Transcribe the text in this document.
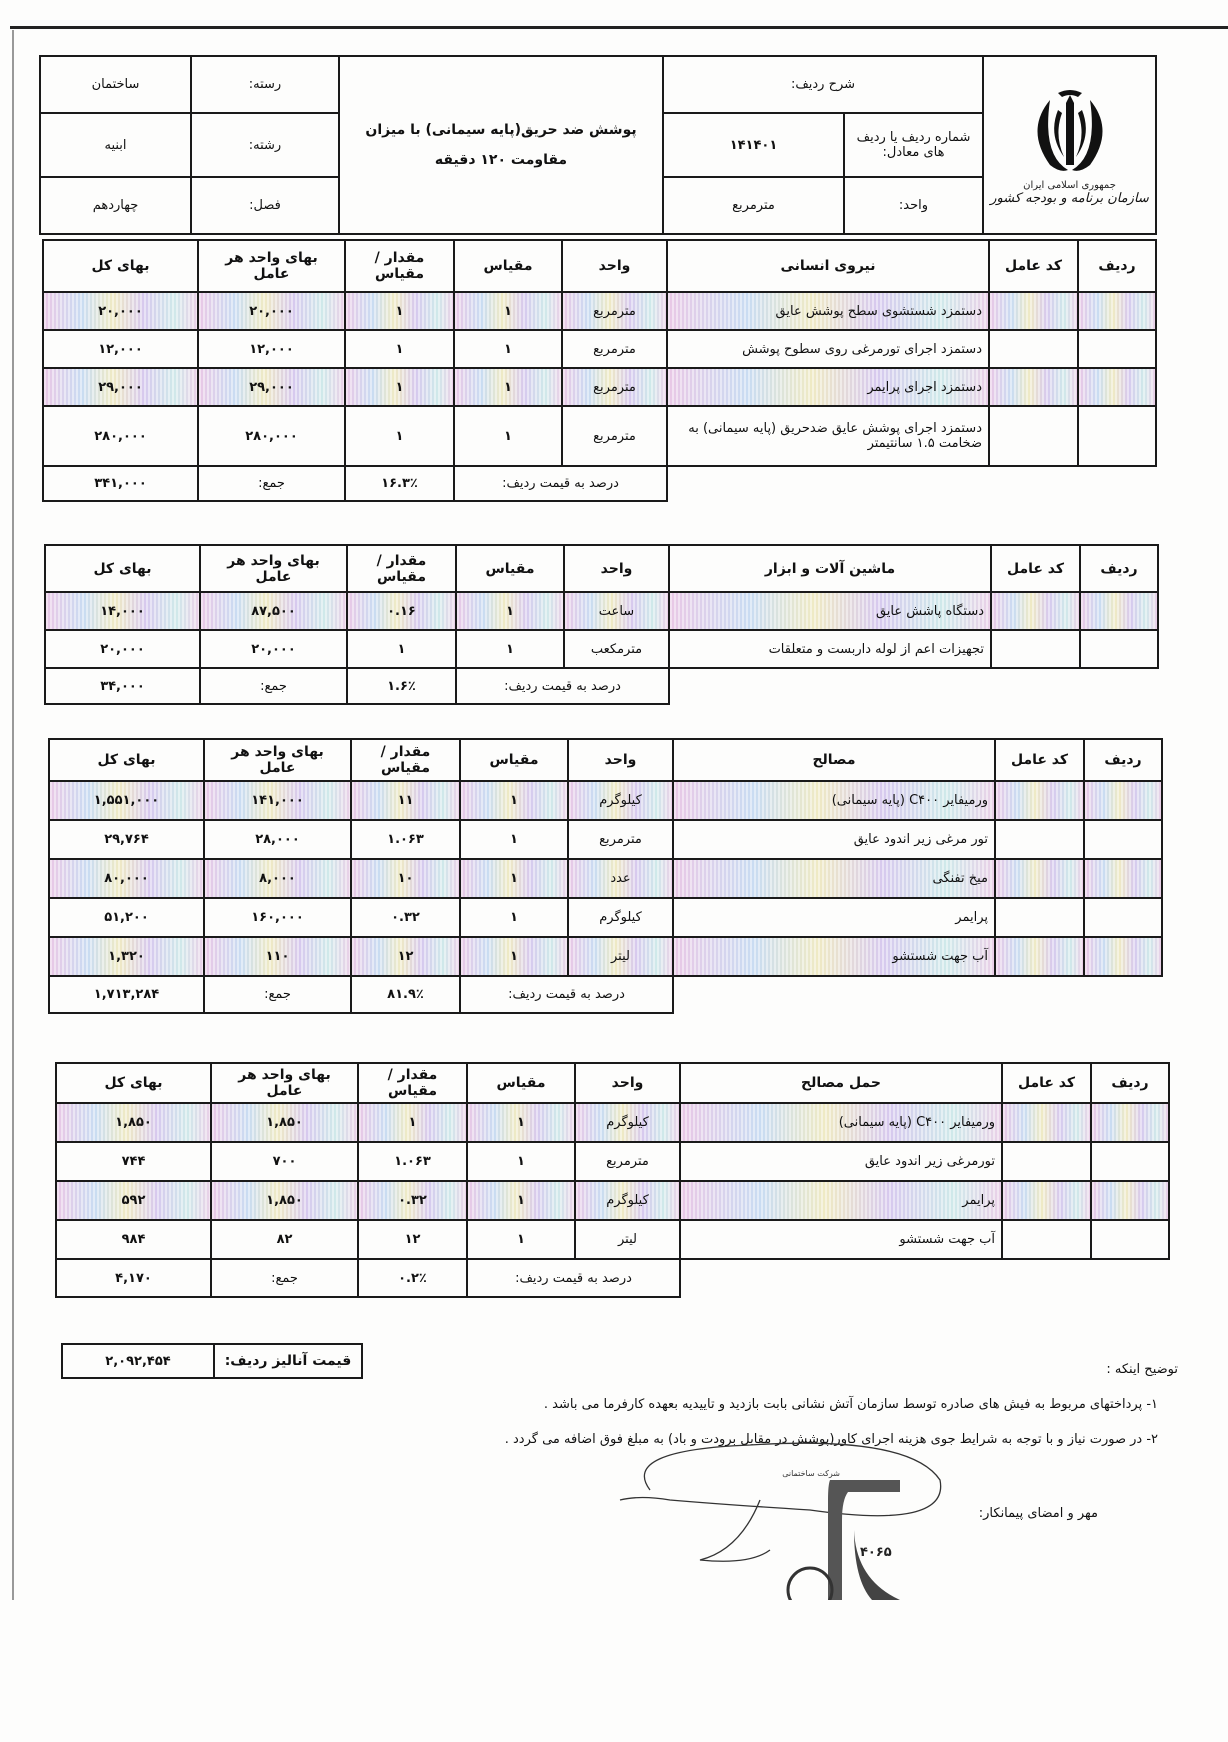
ساختمان	رسته:	پوشش ضد حریق(پایه سیمانی) با میزان مقاومت ۱۲۰ دقیقه	شرح ردیف:		جمهوری اسلامی ایران
سازمان برنامه و بودجه کشور

ابنیه	رشته:		۱۴۱۴۰۱	شماره ردیف یا ردیف های معادل:	
چهاردهم	فصل:		مترمربع	واحد:	
بهای کل	بهای واحد هر عامل	مقدار / مقیاس	مقیاس	واحد	نیروی انسانی	کد عامل	ردیف
۲۰,۰۰۰	۲۰,۰۰۰	۱	۱	مترمربع	دستمزد شستشوی سطح پوشش عایق		
۱۲,۰۰۰	۱۲,۰۰۰	۱	۱	مترمربع	دستمزد اجرای تورمرغی روی سطوح پوشش		
۲۹,۰۰۰	۲۹,۰۰۰	۱	۱	مترمربع	دستمزد اجرای پرایمر		
۲۸۰,۰۰۰	۲۸۰,۰۰۰	۱	۱	مترمربع	دستمزد اجرای پوشش عایق ضدحریق (پایه سیمانی) به ضخامت ۱.۵ سانتیمتر		
۳۴۱,۰۰۰	جمع:	۱۶.۳٪	درصد به قیمت ردیف:				
بهای کل	بهای واحد هر عامل	مقدار / مقیاس	مقیاس	واحد	ماشین آلات و ابزار	کد عامل	ردیف
۱۴,۰۰۰	۸۷,۵۰۰	۰.۱۶	۱	ساعت	دستگاه پاشش عایق		
۲۰,۰۰۰	۲۰,۰۰۰	۱	۱	مترمکعب	تجهیزات اعم از لوله داربست و متعلقات		
۳۴,۰۰۰	جمع:	۱.۶٪	درصد به قیمت ردیف:				
بهای کل	بهای واحد هر عامل	مقدار / مقیاس	مقیاس	واحد	مصالح	کد عامل	ردیف
۱,۵۵۱,۰۰۰	۱۴۱,۰۰۰	۱۱	۱	کیلوگرم	ورمیفایر C۴۰۰ (پایه سیمانی)		
۲۹,۷۶۴	۲۸,۰۰۰	۱.۰۶۳	۱	مترمربع	تور مرغی زیر اندود عایق		
۸۰,۰۰۰	۸,۰۰۰	۱۰	۱	عدد	میخ تفنگی		
۵۱,۲۰۰	۱۶۰,۰۰۰	۰.۳۲	۱	کیلوگرم	پرایمر		
۱,۳۲۰	۱۱۰	۱۲	۱	لیتر	آب جهت شستشو		
۱,۷۱۳,۲۸۴	جمع:	۸۱.۹٪	درصد به قیمت ردیف:				
بهای کل	بهای واحد هر عامل	مقدار / مقیاس	مقیاس	واحد	حمل مصالح	کد عامل	ردیف
۱,۸۵۰	۱,۸۵۰	۱	۱	کیلوگرم	ورمیفایر C۴۰۰ (پایه سیمانی)		
۷۴۴	۷۰۰	۱.۰۶۳	۱	مترمربع	تورمرغی زیر اندود عایق		
۵۹۲	۱,۸۵۰	۰.۳۲	۱	کیلوگرم	پرایمر		
۹۸۴	۸۲	۱۲	۱	لیتر	آب جهت شستشو		
۴,۱۷۰	جمع:	۰.۲٪	درصد به قیمت ردیف:				
۲,۰۹۲,۴۵۴	قیمت آنالیز ردیف:

توضیح اینکه :

۱- پرداختهای مربوط به فیش های صادره توسط سازمان آتش نشانی بابت بازدید و تاییدیه بعهده کارفرما می باشد .

۲- در صورت نیاز و با توجه به شرایط جوی هزینه اجرای کاور(پوشش در مقابل برودت و باد) به مبلغ فوق اضافه می گردد .

مهر و امضای پیمانکار:
۴۰۶۵
شرکت ساختمانی
